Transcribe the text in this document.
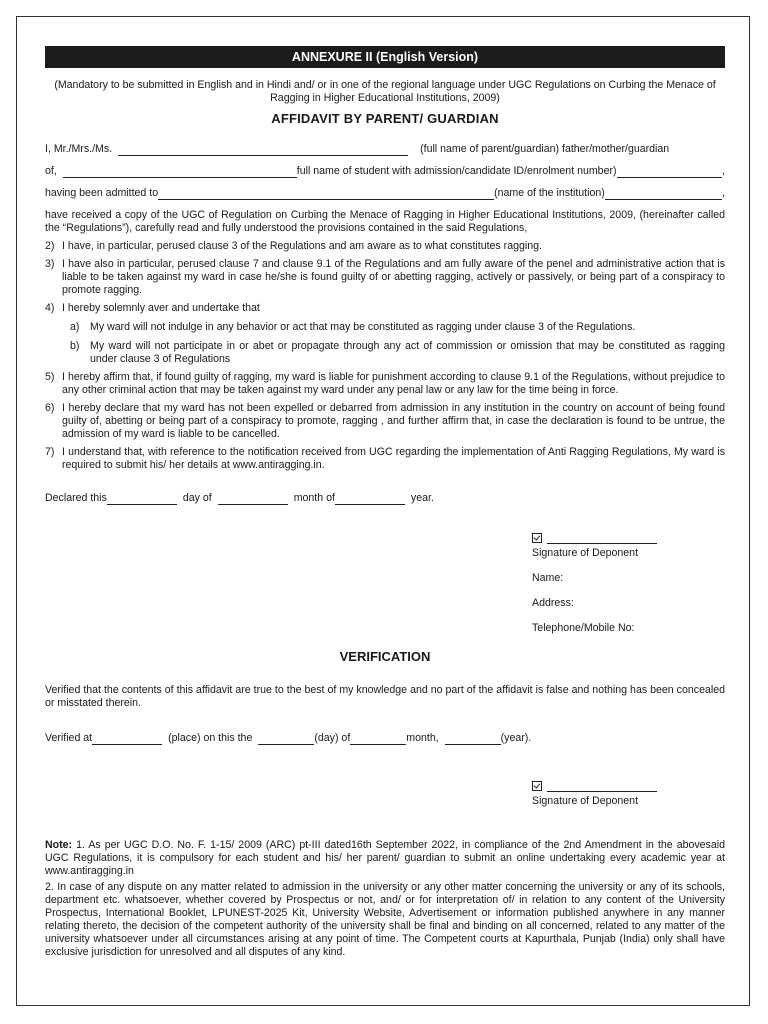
ANNEXURE II (English Version)
(Mandatory to be submitted in English and in Hindi and/ or in one of the regional language under UGC Regulations on Curbing the Menace of Ragging in Higher Educational Institutions, 2009)
AFFIDAVIT BY PARENT/ GUARDIAN
I, Mr./Mrs./Ms.	(full name of parent/guardian) father/mother/guardian
of,	full name of student with admission/candidate ID/enrolment number)	,
having been admitted to	(name of the institution)	,
have received a copy of the UGC of Regulation on Curbing the Menace of Ragging in Higher Educational Institutions, 2009, (hereinafter called the “Regulations”), carefully read and fully understood the provisions contained in the said Regulations,
2) I have, in particular, perused clause 3 of the Regulations and am aware as to what constitutes ragging.
3) I have also in particular, perused clause 7 and clause 9.1 of the Regulations and am fully aware of the penel and administrative action that is liable to be taken against my ward in case he/she is found guilty of or abetting ragging, actively or passively, or being part of a conspiracy to promote ragging.
4) I hereby solemnly aver and undertake that
a) My ward will not indulge in any behavior or act that may be constituted as ragging under clause 3 of the Regulations.
b) My ward will not participate in or abet or propagate through any act of commission or omission that may be constituted as ragging under clause 3 of Regulations
5) I hereby affirm that, if found guilty of ragging, my ward is liable for punishment according to clause 9.1 of the Regulations, without prejudice to any other criminal action that may be taken against my ward under any penal law or any law for the time being in force.
6) I hereby declare that my ward has not been expelled or debarred from admission in any institution in the country on account of being found guilty of, abetting or being part of a conspiracy to promote, ragging , and further affirm that, in case the declaration is found to be untrue, the admission of my ward is liable to be cancelled.
7) I understand that, with reference to the notification received from UGC regarding the implementation of Anti Ragging Regulations, My ward is required to submit his/ her details at www.antiragging.in.
Declared this	day of	month of	year.
Signature of Deponent
Name:
Address:
Telephone/Mobile No:
VERIFICATION
Verified that the contents of this affidavit are true to the best of my knowledge and no part of the affidavit is false and nothing has been concealed or misstated therein.
Verified at	(place) on this the	(day) of	month,	(year).
Signature of Deponent
Note: 1. As per UGC D.O. No. F. 1-15/ 2009 (ARC) pt-III dated16th September 2022, in compliance of the 2nd Amendment in the abovesaid UGC Regulations, it is compulsory for each student and his/ her parent/ guardian to submit an online undertaking every academic year at www.antiragging.in
2. In case of any dispute on any matter related to admission in the university or any other matter concerning the university or any of its schools, department etc. whatsoever, whether covered by Prospectus or not, and/ or for interpretation of/ in relation to any content of the University Prospectus, International Booklet, LPUNEST-2025 Kit, University Website, Advertisement or information published anywhere in any manner relating thereto, the decision of the competent authority of the university shall be final and binding on all concerned, related to any matter of the university whatsoever under all circumstances arising at any point of time. The Competent courts at Kapurthala, Punjab (India) only shall have exclusive jurisdiction for unresolved and all disputes of any kind.
